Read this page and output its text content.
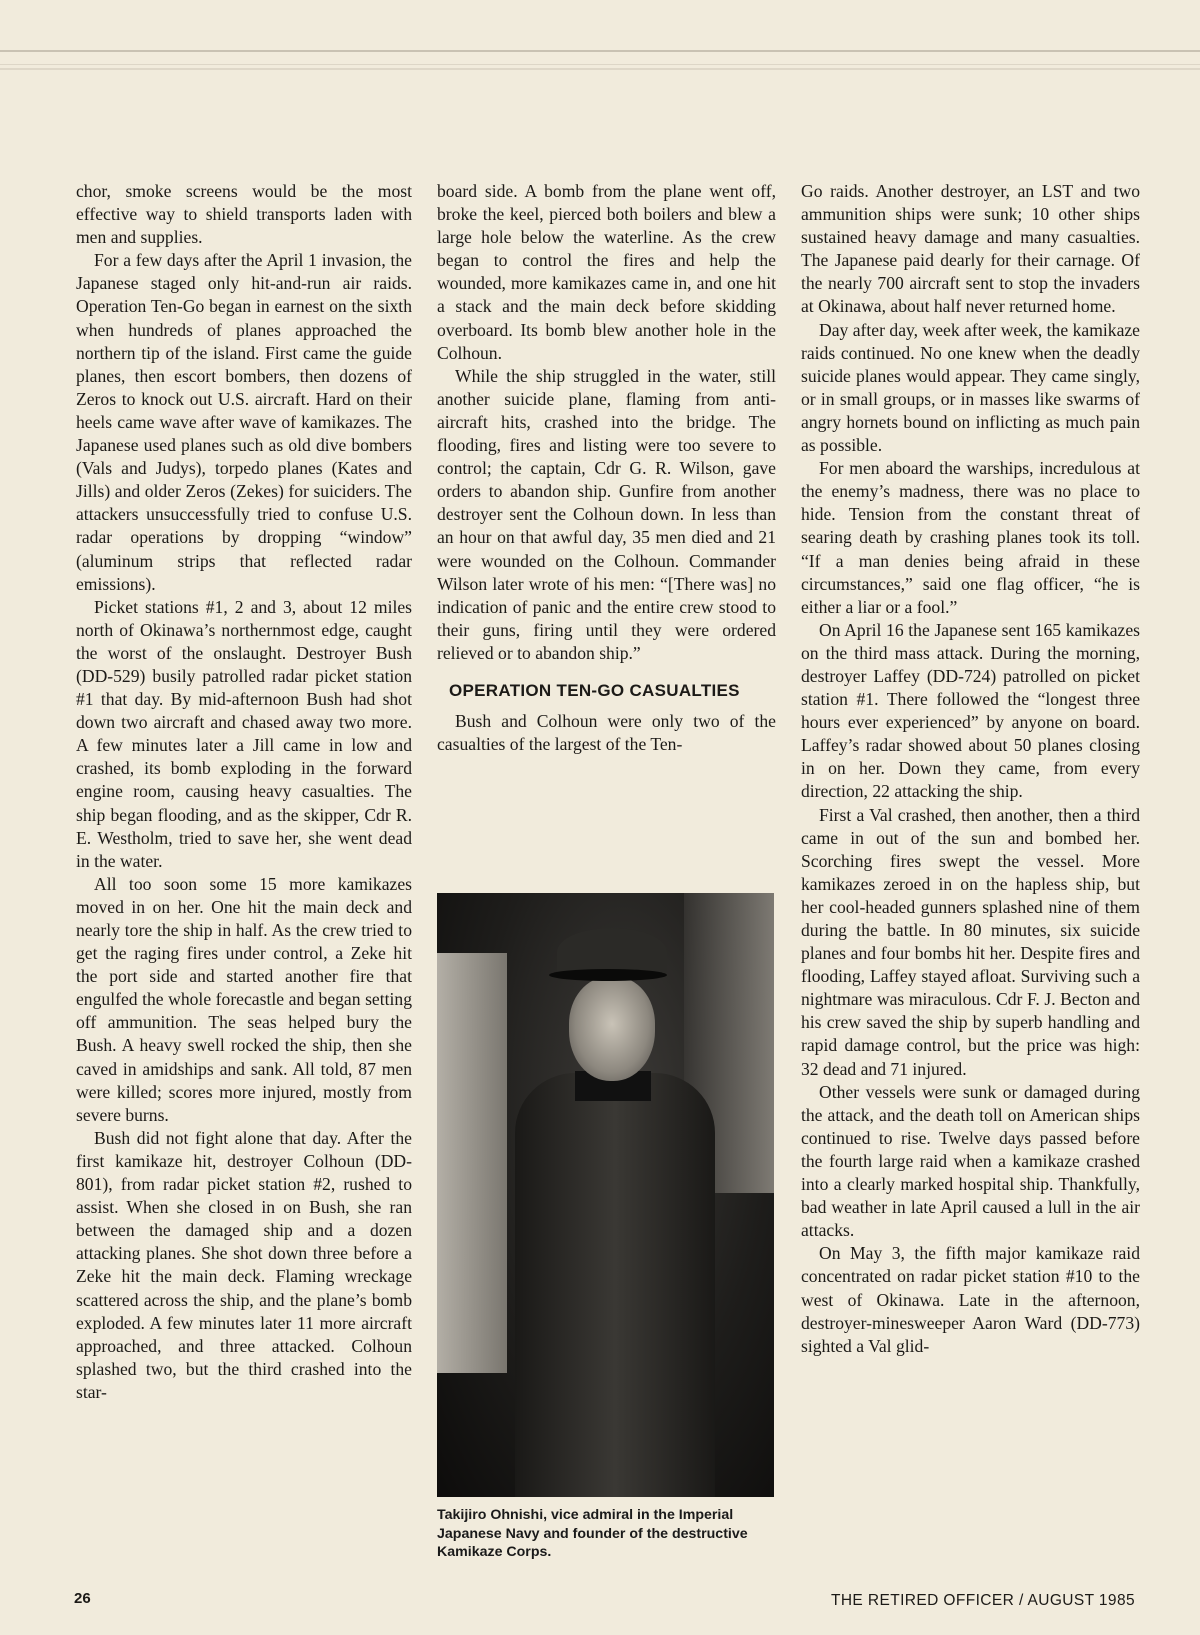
chor, smoke screens would be the most effective way to shield transports laden with men and supplies.

For a few days after the April 1 invasion, the Japanese staged only hit-and-run air raids. Operation Ten-Go began in earnest on the sixth when hundreds of planes approached the northern tip of the island. First came the guide planes, then escort bombers, then dozens of Zeros to knock out U.S. aircraft. Hard on their heels came wave after wave of kamikazes. The Japanese used planes such as old dive bombers (Vals and Judys), torpedo planes (Kates and Jills) and older Zeros (Zekes) for suiciders. The attackers unsuccessfully tried to confuse U.S. radar operations by dropping “window” (aluminum strips that reflected radar emissions).

Picket stations #1, 2 and 3, about 12 miles north of Okinawa’s northernmost edge, caught the worst of the onslaught. Destroyer Bush (DD-529) busily patrolled radar picket station #1 that day. By mid-afternoon Bush had shot down two aircraft and chased away two more. A few minutes later a Jill came in low and crashed, its bomb exploding in the forward engine room, causing heavy casualties. The ship began flooding, and as the skipper, Cdr R. E. Westholm, tried to save her, she went dead in the water.

All too soon some 15 more kamikazes moved in on her. One hit the main deck and nearly tore the ship in half. As the crew tried to get the raging fires under control, a Zeke hit the port side and started another fire that engulfed the whole forecastle and began setting off ammunition. The seas helped bury the Bush. A heavy swell rocked the ship, then she caved in amidships and sank. All told, 87 men were killed; scores more injured, mostly from severe burns.

Bush did not fight alone that day. After the first kamikaze hit, destroyer Colhoun (DD-801), from radar picket station #2, rushed to assist. When she closed in on Bush, she ran between the damaged ship and a dozen attacking planes. She shot down three before a Zeke hit the main deck. Flaming wreckage scattered across the ship, and the plane’s bomb exploded. A few minutes later 11 more aircraft approached, and three attacked. Colhoun splashed two, but the third crashed into the star-

board side. A bomb from the plane went off, broke the keel, pierced both boilers and blew a large hole below the waterline. As the crew began to control the fires and help the wounded, more kamikazes came in, and one hit a stack and the main deck before skidding overboard. Its bomb blew another hole in the Colhoun.

While the ship struggled in the water, still another suicide plane, flaming from anti-aircraft hits, crashed into the bridge. The flooding, fires and listing were too severe to control; the captain, Cdr G. R. Wilson, gave orders to abandon ship. Gunfire from another destroyer sent the Colhoun down. In less than an hour on that awful day, 35 men died and 21 were wounded on the Colhoun. Commander Wilson later wrote of his men: “[There was] no indication of panic and the entire crew stood to their guns, firing until they were ordered relieved or to abandon ship.”

OPERATION TEN-GO CASUALTIES

Bush and Colhoun were only two of the casualties of the largest of the Ten-

Takijiro Ohnishi, vice admiral in the Imperial Japanese Navy and founder of the destructive Kamikaze Corps.

Go raids. Another destroyer, an LST and two ammunition ships were sunk; 10 other ships sustained heavy damage and many casualties. The Japanese paid dearly for their carnage. Of the nearly 700 aircraft sent to stop the invaders at Okinawa, about half never returned home.

Day after day, week after week, the kamikaze raids continued. No one knew when the deadly suicide planes would appear. They came singly, or in small groups, or in masses like swarms of angry hornets bound on inflicting as much pain as possible.

For men aboard the warships, incredulous at the enemy’s madness, there was no place to hide. Tension from the constant threat of searing death by crashing planes took its toll. “If a man denies being afraid in these circumstances,” said one flag officer, “he is either a liar or a fool.”

On April 16 the Japanese sent 165 kamikazes on the third mass attack. During the morning, destroyer Laffey (DD-724) patrolled on picket station #1. There followed the “longest three hours ever experienced” by anyone on board. Laffey’s radar showed about 50 planes closing in on her. Down they came, from every direction, 22 attacking the ship.

First a Val crashed, then another, then a third came in out of the sun and bombed her. Scorching fires swept the vessel. More kamikazes zeroed in on the hapless ship, but her cool-headed gunners splashed nine of them during the battle. In 80 minutes, six suicide planes and four bombs hit her. Despite fires and flooding, Laffey stayed afloat. Surviving such a nightmare was miraculous. Cdr F. J. Becton and his crew saved the ship by superb handling and rapid damage control, but the price was high: 32 dead and 71 injured.

Other vessels were sunk or damaged during the attack, and the death toll on American ships continued to rise. Twelve days passed before the fourth large raid when a kamikaze crashed into a clearly marked hospital ship. Thankfully, bad weather in late April caused a lull in the air attacks.

On May 3, the fifth major kamikaze raid concentrated on radar picket station #10 to the west of Okinawa. Late in the afternoon, destroyer-minesweeper Aaron Ward (DD-773) sighted a Val glid-

26	THE RETIRED OFFICER / AUGUST 1985
